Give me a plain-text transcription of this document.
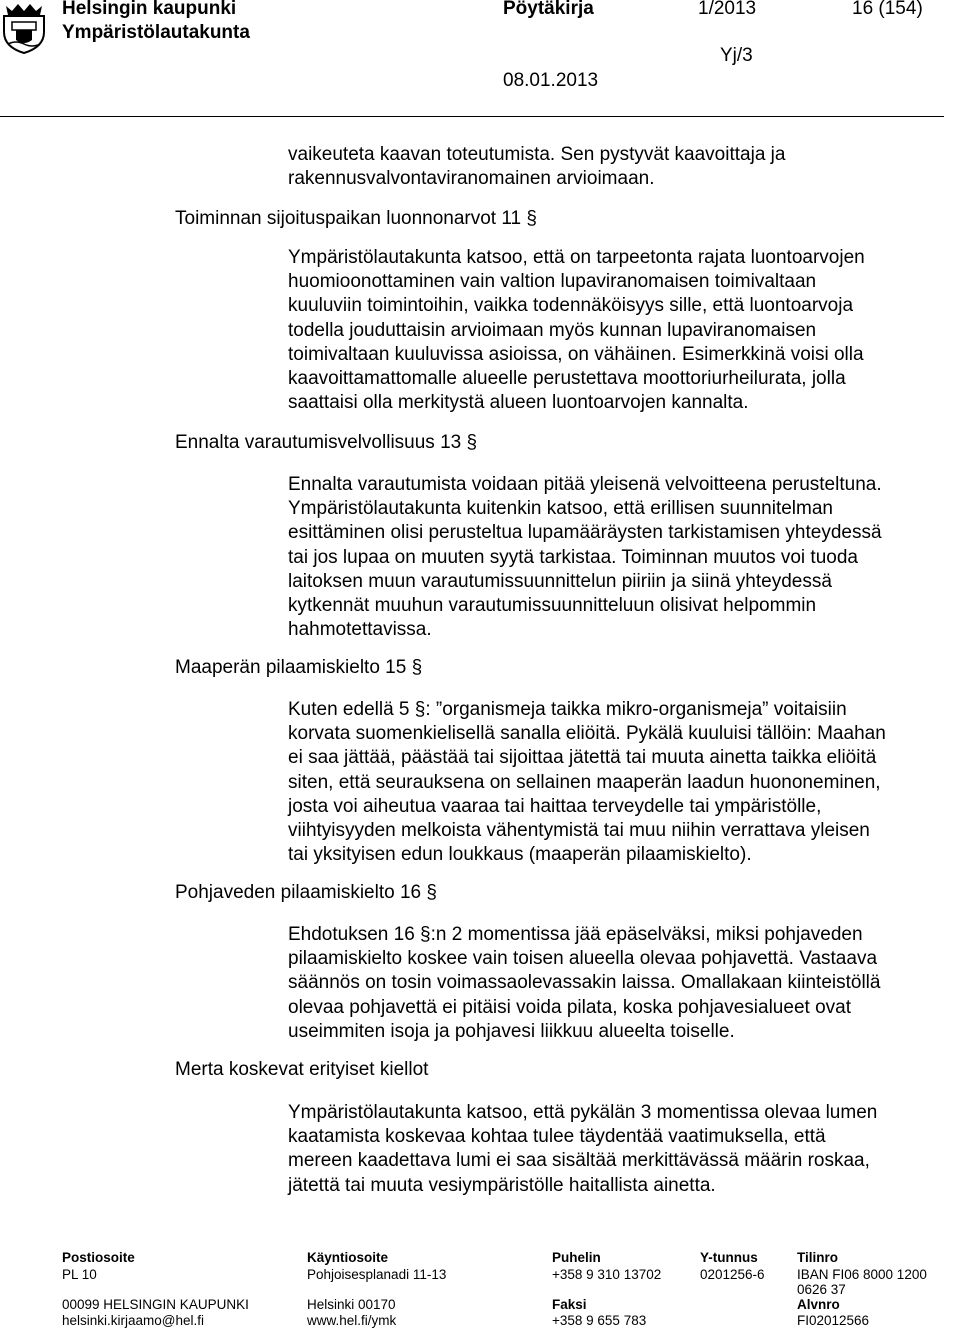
Helsingin kaupunki
Ympäristölautakunta
Pöytäkirja	1/2013	16 (154)
Yj/3
08.01.2013
vaikeuteta kaavan toteutumista. Sen pystyvät kaavoittaja ja
rakennusvalvontaviranomainen arvioimaan.
Toiminnan sijoituspaikan luonnonarvot 11 §
Ympäristölautakunta katsoo, että on tarpeetonta rajata luontoarvojen
huomioonottaminen vain valtion lupaviranomaisen toimivaltaan
kuuluviin toimintoihin, vaikka todennäköisyys sille, että luontoarvoja
todella jouduttaisin arvioimaan myös kunnan lupaviranomaisen
toimivaltaan kuuluvissa asioissa, on vähäinen. Esimerkkinä voisi olla
kaavoittamattomalle alueelle perustettava moottoriurheilurata, jolla
saattaisi olla merkitystä alueen luontoarvojen kannalta.
Ennalta varautumisvelvollisuus 13 §
Ennalta varautumista voidaan pitää yleisenä velvoitteena perusteltuna.
Ympäristölautakunta kuitenkin katsoo, että erillisen suunnitelman
esittäminen olisi perusteltua lupamääräysten tarkistamisen yhteydessä
tai jos lupaa on muuten syytä tarkistaa. Toiminnan muutos voi tuoda
laitoksen muun varautumissuunnittelun piiriin ja siinä yhteydessä
kytkennät muuhun varautumissuunnitteluun olisivat helpommin
hahmotettavissa.
Maaperän pilaamiskielto 15 §
Kuten edellä 5 §: ”organismeja taikka mikro-organismeja” voitaisiin
korvata suomenkielisellä sanalla eliöitä. Pykälä kuuluisi tällöin: Maahan
ei saa jättää, päästää tai sijoittaa jätettä tai muuta ainetta taikka eliöitä
siten, että seurauksena on sellainen maaperän laadun huononeminen,
josta voi aiheutua vaaraa tai haittaa terveydelle tai ympäristölle,
viihtyisyyden melkoista vähentymistä tai muu niihin verrattava yleisen
tai yksityisen edun loukkaus (maaperän pilaamiskielto).
Pohjaveden pilaamiskielto 16 §
Ehdotuksen 16 §:n 2 momentissa jää epäselväksi, miksi pohjaveden
pilaamiskielto koskee vain toisen alueella olevaa pohjavettä. Vastaava
säännös on tosin voimassaolevassakin laissa. Omallakaan kiinteistöllä
olevaa pohjavettä ei pitäisi voida pilata, koska pohjavesialueet ovat
useimmiten isoja ja pohjavesi liikkuu alueelta toiselle.
Merta koskevat erityiset kiellot
Ympäristölautakunta katsoo, että pykälän 3 momentissa olevaa lumen
kaatamista koskevaa kohtaa tulee täydentää vaatimuksella, että
mereen kaadettava lumi ei saa sisältää merkittävässä määrin roskaa,
jätettä tai muuta vesiympäristölle haitallista ainetta.
Postiosoite
PL 10
00099 HELSINGIN KAUPUNKI
helsinki.kirjaamo@hel.fi
Käyntiosoite
Pohjoisesplanadi 11-13
Helsinki 00170
www.hel.fi/ymk
Puhelin
+358 9 310 13702
Faksi
+358 9 655 783
Y-tunnus
0201256-6
Tilinro
IBAN FI06 8000 1200
0626 37
Alvnro
FI02012566
